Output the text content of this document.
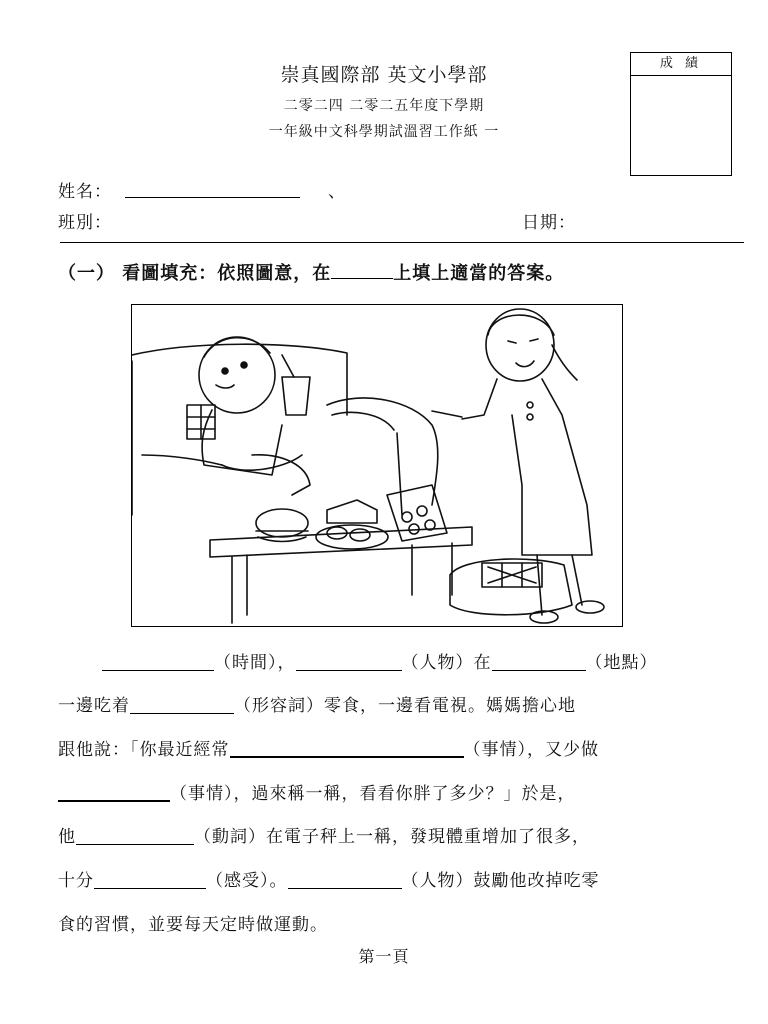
崇真國際部 英文小學部
二零二四 二零二五年度下學期
一年級中文科學期試溫習工作紙 一
成 績
姓名：	、
班別：	日期：
（一） 看圖填充：依照圖意，在	上填上適當的答案。
（時間），	（人物）在	（地點）
一邊吃着	（形容詞）零食，一邊看電視。媽媽擔心地
跟他說：「你最近經常	（事情），又少做
（事情），過來稱一稱，看看你胖了多少？」於是，
他	（動詞）在電子秤上一稱，發現體重增加了很多，
十分	（感受）。	（人物）鼓勵他改掉吃零
食的習慣，並要每天定時做運動。
第一頁
